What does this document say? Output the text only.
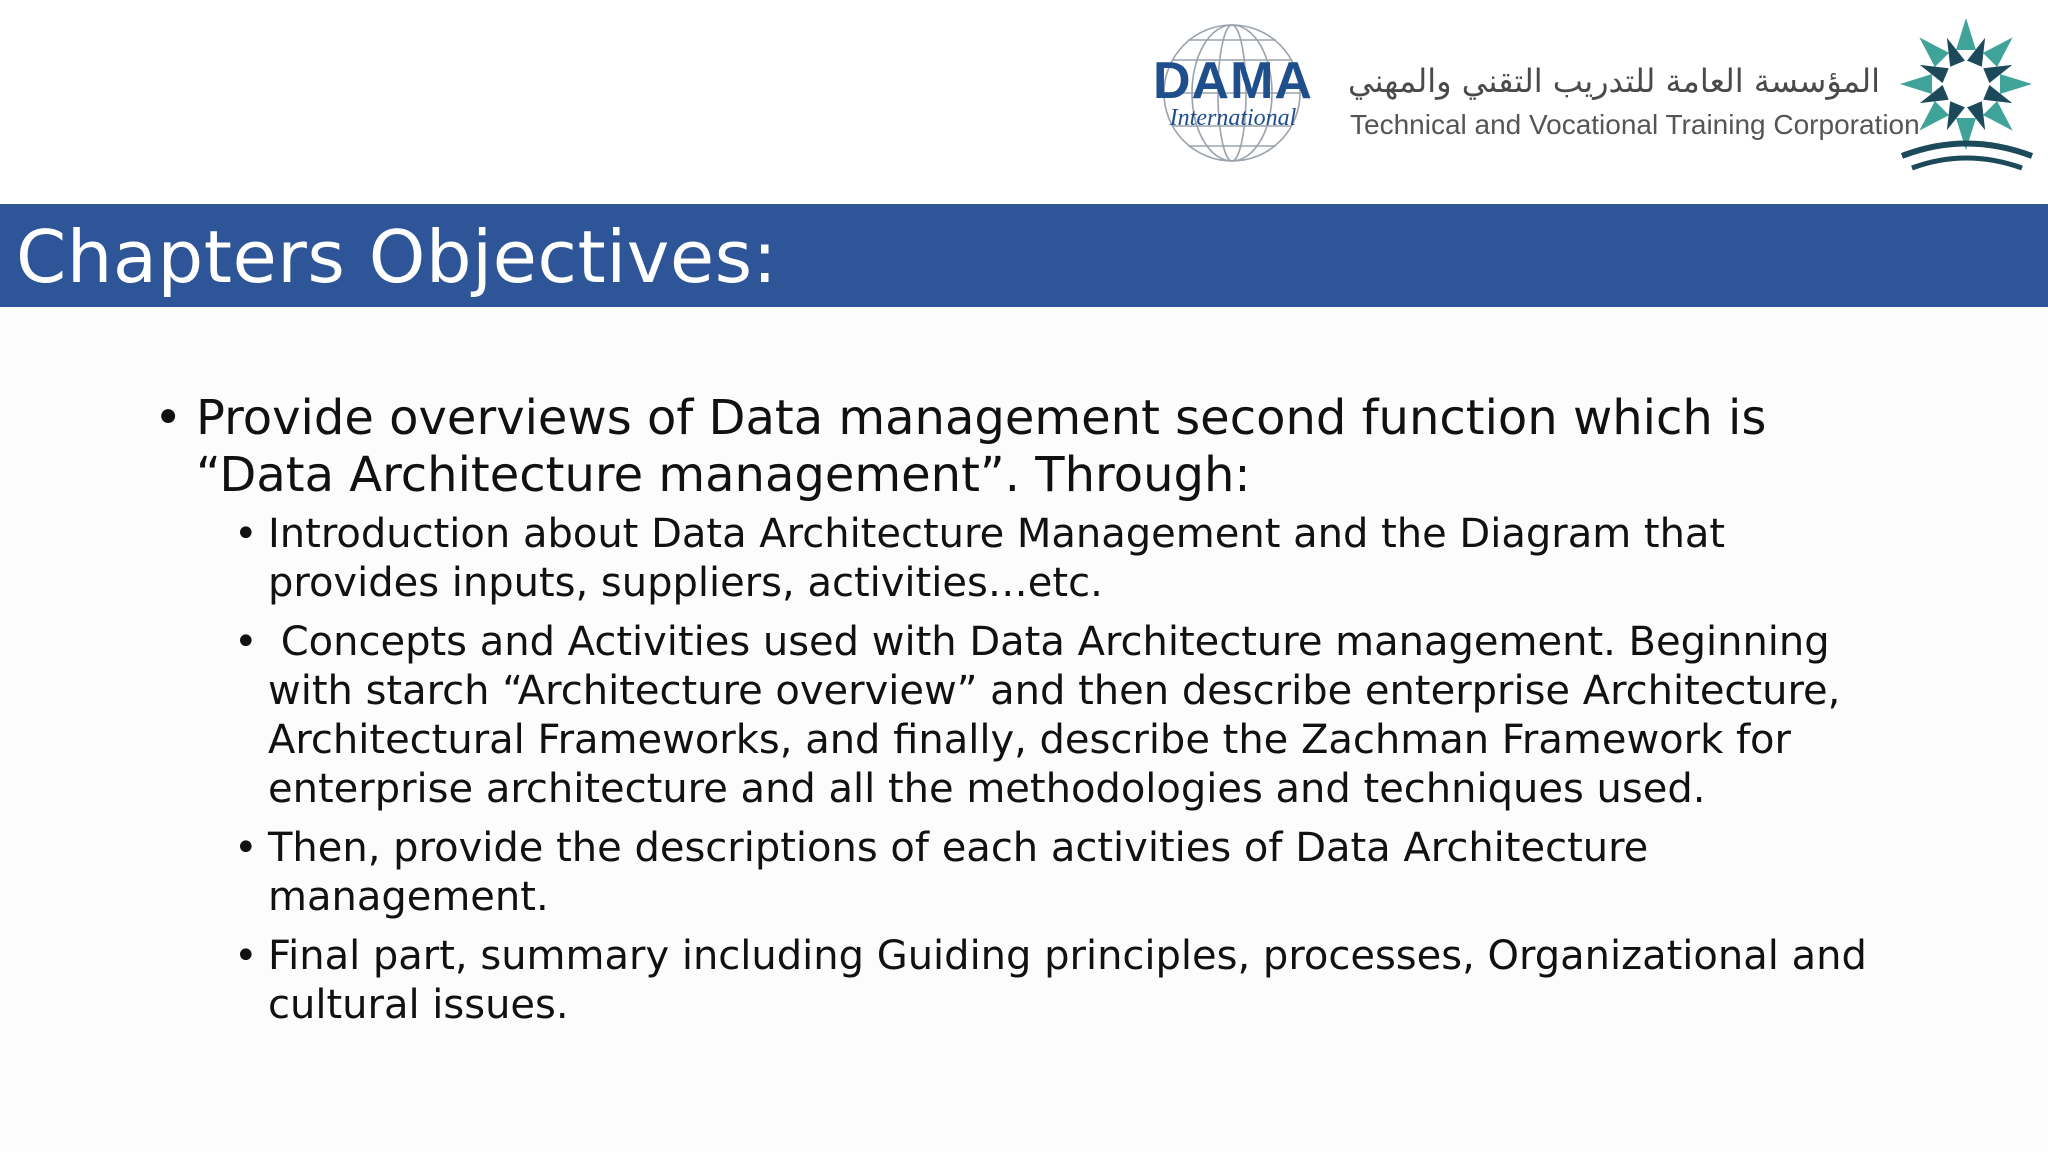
DAMA
International
المؤسسة العامة للتدريب التقني والمهني
Technical and Vocational Training Corporation
Chapters Objectives:
• Provide overviews of Data management second function which is “Data Architecture management”. Through:
• Introduction about Data Architecture Management and the Diagram that provides inputs, suppliers, activities…etc.
• Concepts and Activities used with Data Architecture management. Beginning with starch “Architecture overview” and then describe enterprise Architecture, Architectural Frameworks, and finally, describe the Zachman Framework for enterprise architecture and all the methodologies and techniques used.
• Then, provide the descriptions of each activities of Data Architecture management.
• Final part, summary including Guiding principles, processes, Organizational and cultural issues.
